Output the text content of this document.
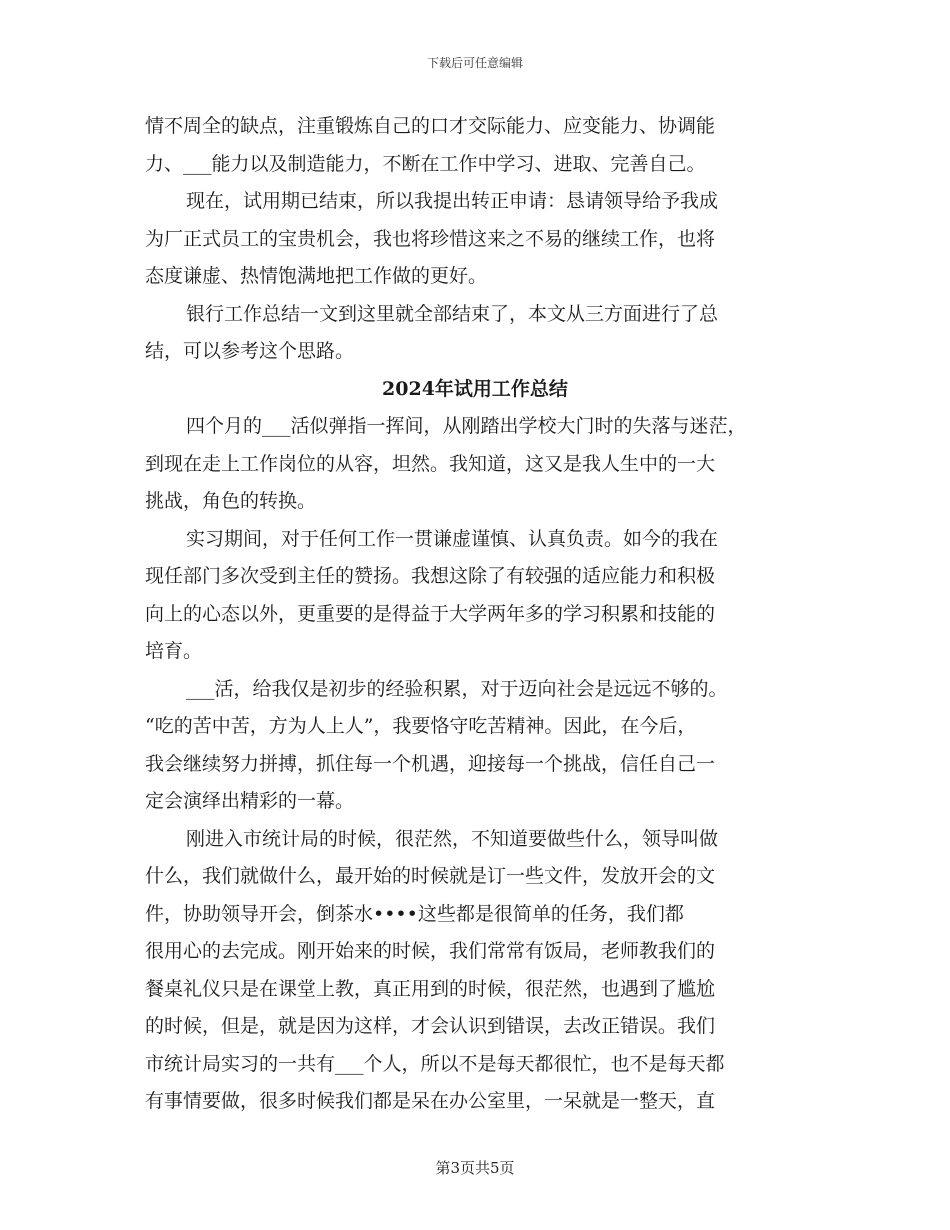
下载后可任意编辑
情不周全的缺点，注重锻炼自己的口才交际能力、应变能力、协调能
力、___能力以及制造能力，不断在工作中学习、进取、完善自己。
现在，试用期已结束，所以我提出转正申请：恳请领导给予我成
为厂正式员工的宝贵机会，我也将珍惜这来之不易的继续工作，也将
态度谦虚、热情饱满地把工作做的更好。
银行工作总结一文到这里就全部结束了，本文从三方面进行了总
结，可以参考这个思路。
2024年试用工作总结
四个月的___活似弹指一挥间，从刚踏出学校大门时的失落与迷茫，
到现在走上工作岗位的从容，坦然。我知道，这又是我人生中的一大
挑战，角色的转换。
实习期间，对于任何工作一贯谦虚谨慎、认真负责。如今的我在
现任部门多次受到主任的赞扬。我想这除了有较强的适应能力和积极
向上的心态以外，更重要的是得益于大学两年多的学习积累和技能的
培育。
___活，给我仅是初步的经验积累，对于迈向社会是远远不够的。
“吃的苦中苦，方为人上人”，我要恪守吃苦精神。因此，在今后，
我会继续努力拼搏，抓住每一个机遇，迎接每一个挑战，信任自己一
定会演绎出精彩的一幕。
刚进入市统计局的时候，很茫然，不知道要做些什么，领导叫做
什么，我们就做什么，最开始的时候就是订一些文件，发放开会的文
件，协助领导开会，倒茶水••••这些都是很简单的任务，我们都
很用心的去完成。刚开始来的时候，我们常常有饭局，老师教我们的
餐桌礼仪只是在课堂上教，真正用到的时候，很茫然，也遇到了尴尬
的时候，但是，就是因为这样，才会认识到错误，去改正错误。我们
市统计局实习的一共有___个人，所以不是每天都很忙，也不是每天都
有事情要做，很多时候我们都是呆在办公室里，一呆就是一整天，直
第3页共5页
